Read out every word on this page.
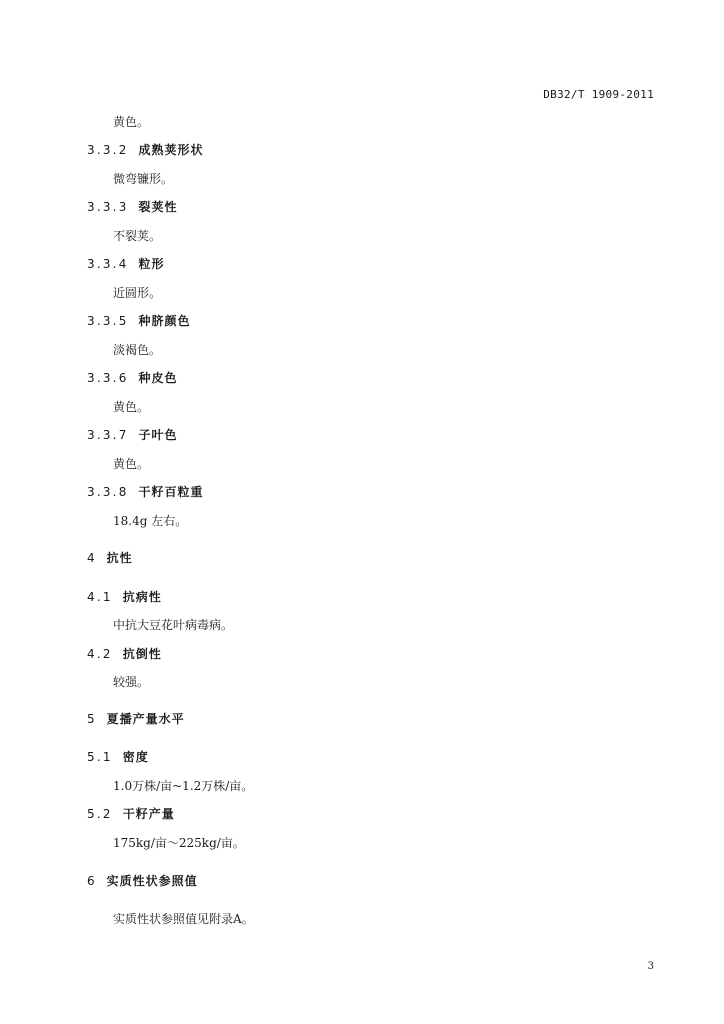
DB32/T 1909-2011
黄色。
3.3.2 成熟荚形状
微弯镰形。
3.3.3 裂荚性
不裂荚。
3.3.4 粒形
近圆形。
3.3.5 种脐颜色
淡褐色。
3.3.6 种皮色
黄色。
3.3.7 子叶色
黄色。
3.3.8 干籽百粒重
18.4g 左右。
4 抗性
4.1 抗病性
中抗大豆花叶病毒病。
4.2 抗倒性
较强。
5 夏播产量水平
5.1 密度
1.0万株/亩~1.2万株/亩。
5.2 干籽产量
175kg/亩～225kg/亩。
6 实质性状参照值
实质性状参照值见附录A。
3
